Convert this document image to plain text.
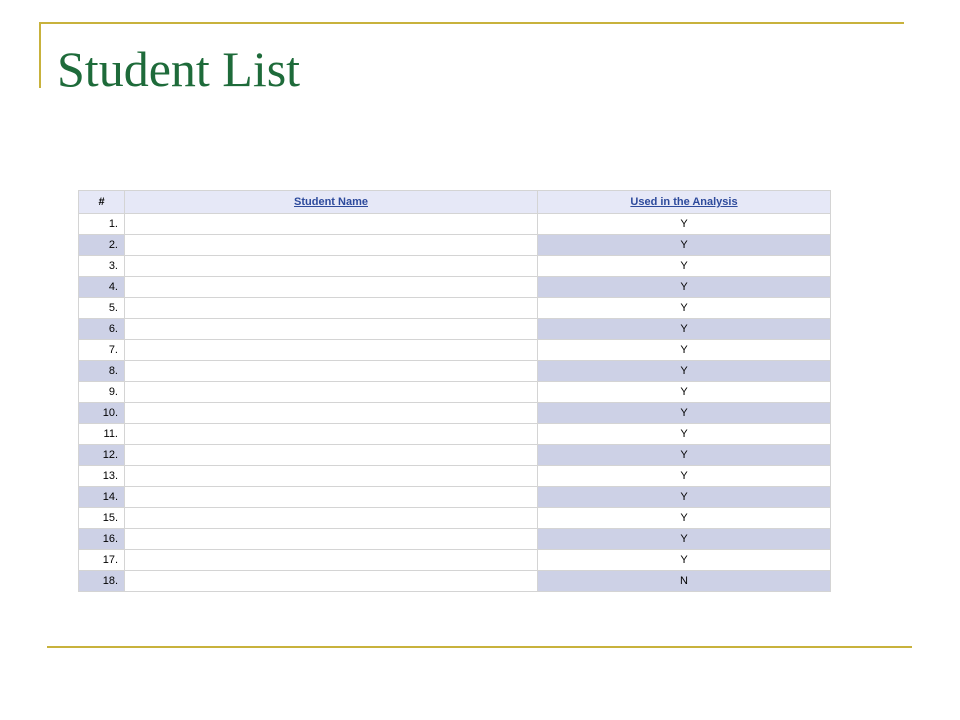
Student List
#	Student Name	Used in the Analysis
1.		Y
2.		Y
3.		Y
4.		Y
5.		Y
6.		Y
7.		Y
8.		Y
9.		Y
10.		Y
11.		Y
12.		Y
13.		Y
14.		Y
15.		Y
16.		Y
17.		Y
18.		N
